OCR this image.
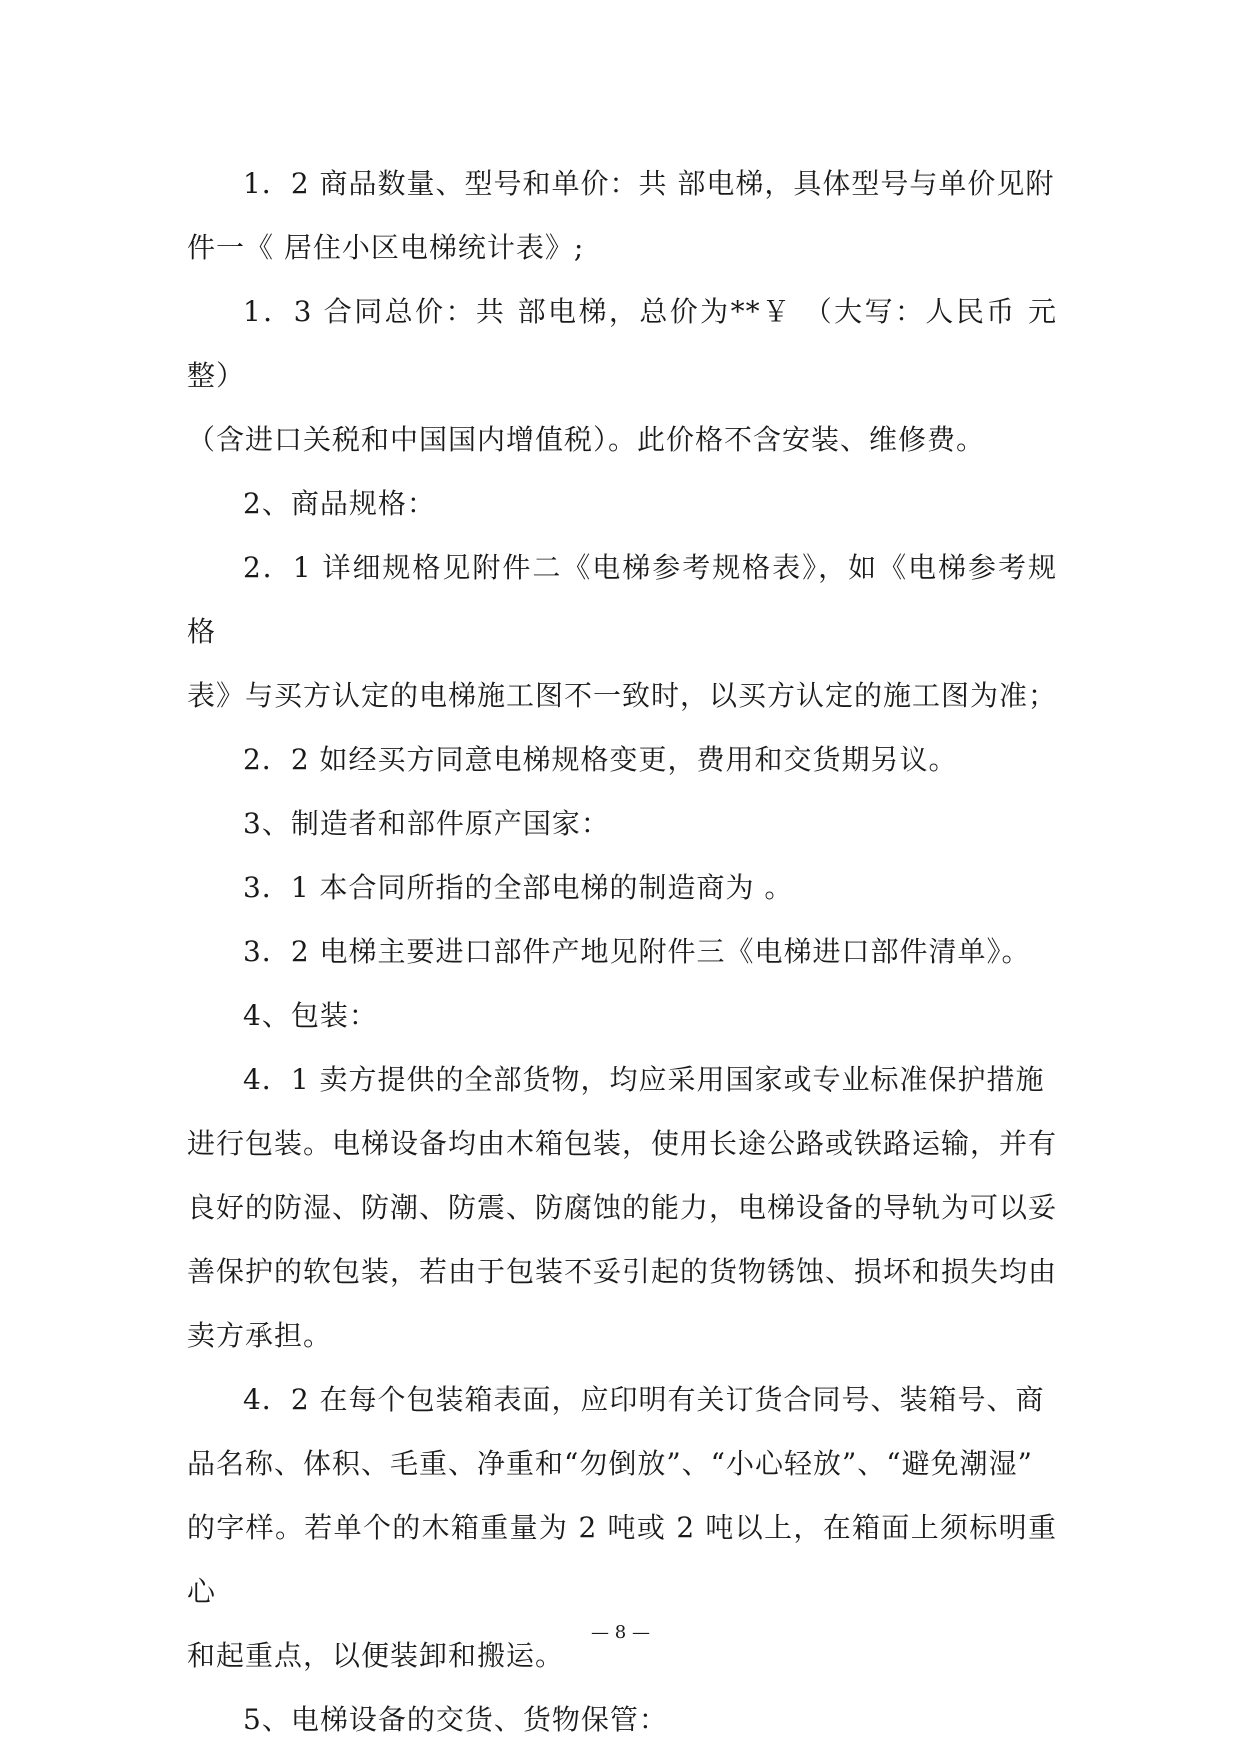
1．2 商品数量、型号和单价：共 部电梯，具体型号与单价见附
件一《 居住小区电梯统计表》;

1．3 合同总价：共 部电梯，总价为**￥ （大写：人民币 元整）
（含进口关税和中国国内增值税）。此价格不含安装、维修费。

2、商品规格：

2．1 详细规格见附件二《电梯参考规格表》，如《电梯参考规格
表》与买方认定的电梯施工图不一致时，以买方认定的施工图为准；

2．2 如经买方同意电梯规格变更，费用和交货期另议。

3、制造者和部件原产国家：

3．1 本合同所指的全部电梯的制造商为 。

3．2 电梯主要进口部件产地见附件三《电梯进口部件清单》。

4、包装：

4．1 卖方提供的全部货物，均应采用国家或专业标准保护措施
进行包装。电梯设备均由木箱包装，使用长途公路或铁路运输，并有
良好的防湿、防潮、防震、防腐蚀的能力，电梯设备的导轨为可以妥
善保护的软包装，若由于包装不妥引起的货物锈蚀、损坏和损失均由
卖方承担。

4．2 在每个包装箱表面，应印明有关订货合同号、装箱号、商
品名称、体积、毛重、净重和“勿倒放”、“小心轻放”、“避免潮湿”
的字样。若单个的木箱重量为 2 吨或 2 吨以上，在箱面上须标明重心
和起重点，以便装卸和搬运。

5、电梯设备的交货、货物保管：

— 8 —
